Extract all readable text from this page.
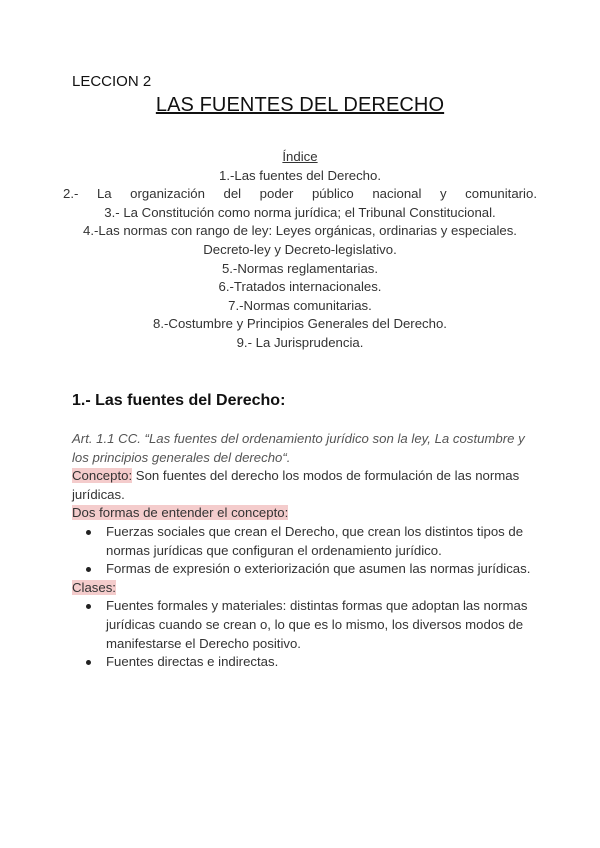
LECCION 2
LAS FUENTES DEL DERECHO
Índice
1.-Las fuentes del Derecho.
2.- La organización del poder público nacional y comunitario.
3.- La Constitución como norma jurídica; el Tribunal Constitucional.
4.-Las normas con rango de ley: Leyes orgánicas, ordinarias y especiales. Decreto-ley y Decreto-legislativo.
5.-Normas reglamentarias.
6.-Tratados internacionales.
7.-Normas comunitarias.
8.-Costumbre y Principios Generales del Derecho.
9.- La Jurisprudencia.
1.- Las fuentes del Derecho:

Art. 1.1 CC. “Las fuentes del ordenamiento jurídico son la ley, La costumbre y los principios generales del derecho“.

Concepto: Son fuentes del derecho los modos de formulación de las normas jurídicas.

Dos formas de entender el concepto:

Fuerzas sociales que crean el Derecho, que crean los distintos tipos de normas jurídicas que configuran el ordenamiento jurídico.
Formas de expresión o exteriorización que asumen las normas jurídicas.

Clases:

Fuentes formales y materiales: distintas formas que adoptan las normas jurídicas cuando se crean o, lo que es lo mismo, los diversos modos de manifestarse el Derecho positivo.
Fuentes directas e indirectas.
